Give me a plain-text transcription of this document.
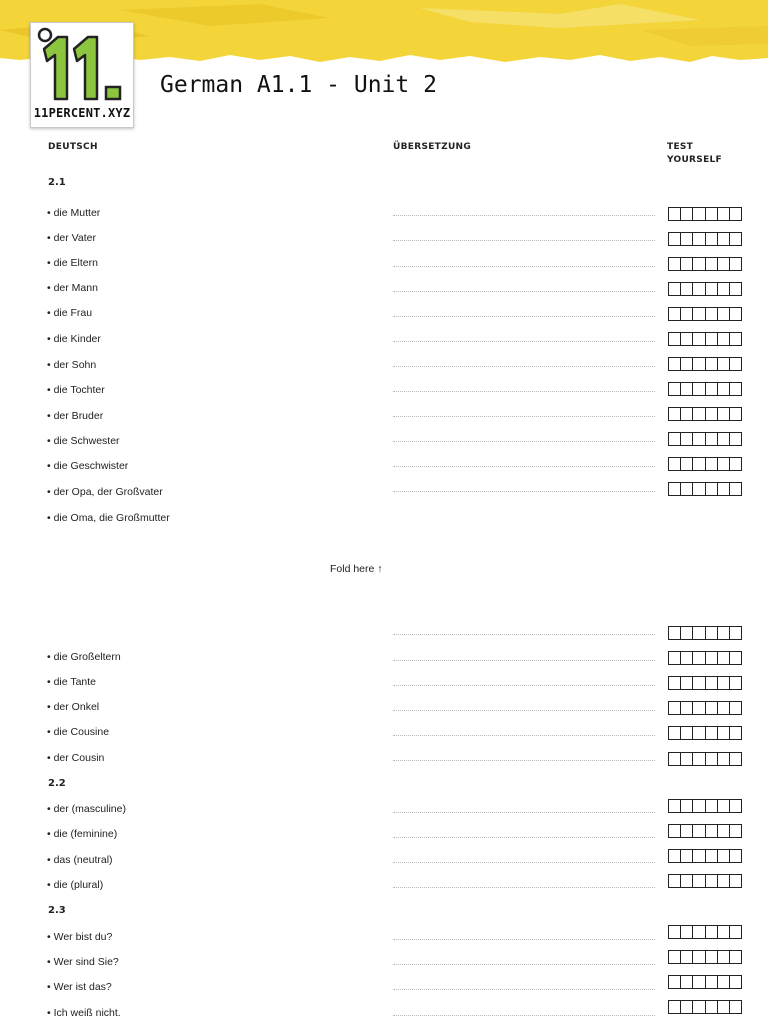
11PERCENT.XYZ
German A1.1 - Unit 2
DEUTSCH	ÜBERSETZUNG	TEST
YOURSELF
2.1
2.2
2.3
• die Mutter
• der Vater
• die Eltern
• der Mann
• die Frau
• die Kinder
• der Sohn
• die Tochter
• der Bruder
• die Schwester
• die Geschwister
• der Opa, der Großvater
• die Oma, die Großmutter
Fold here ↑
• die Großeltern
• die Tante
• der Onkel
• die Cousine
• der Cousin
• der (masculine)
• die (feminine)
• das (neutral)
• die (plural)
• Wer bist du?
• Wer sind Sie?
• Wer ist das?
• Ich weiß nicht.
